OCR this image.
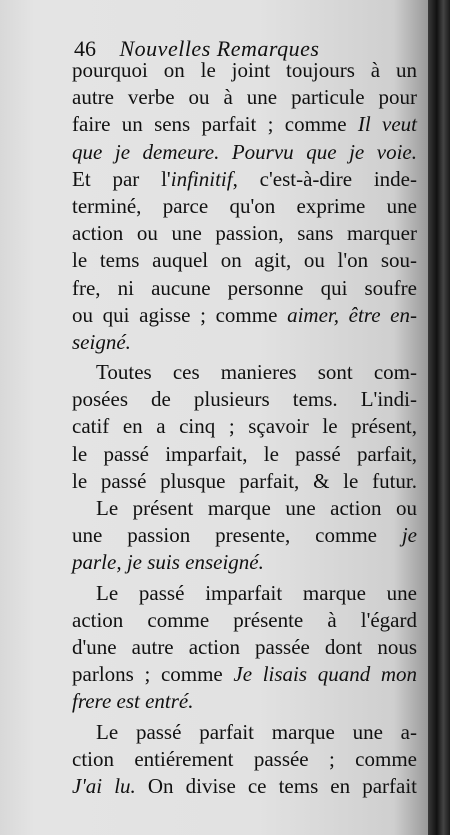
46 Nouvelles Remarques
pourquoi on le joint toujours à un
autre verbe ou à une particule pour
faire un sens parfait ; comme Il veut
que je demeure. Pourvu que je voie.
Et par l'infinitif, c'est-à-dire inde-
terminé, parce qu'on exprime une
action ou une passion, sans marquer
le tems auquel on agit, ou l'on sou-
fre, ni aucune personne qui soufre
ou qui agisse ; comme aimer, être en-
seigné.
Toutes ces manieres sont com-
posées de plusieurs tems. L'indi-
catif en a cinq ; sçavoir le présent,
le passé imparfait, le passé parfait,
le passé plusque parfait, & le futur.
Le présent marque une action ou
une passion presente, comme je
parle, je suis enseigné.
Le passé imparfait marque une
action comme présente à l'égard
d'une autre action passée dont nous
parlons ; comme Je lisais quand mon
frere est entré.
Le passé parfait marque une a-
ction entiérement passée ; comme
J'ai lu. On divise ce tems en parfait
